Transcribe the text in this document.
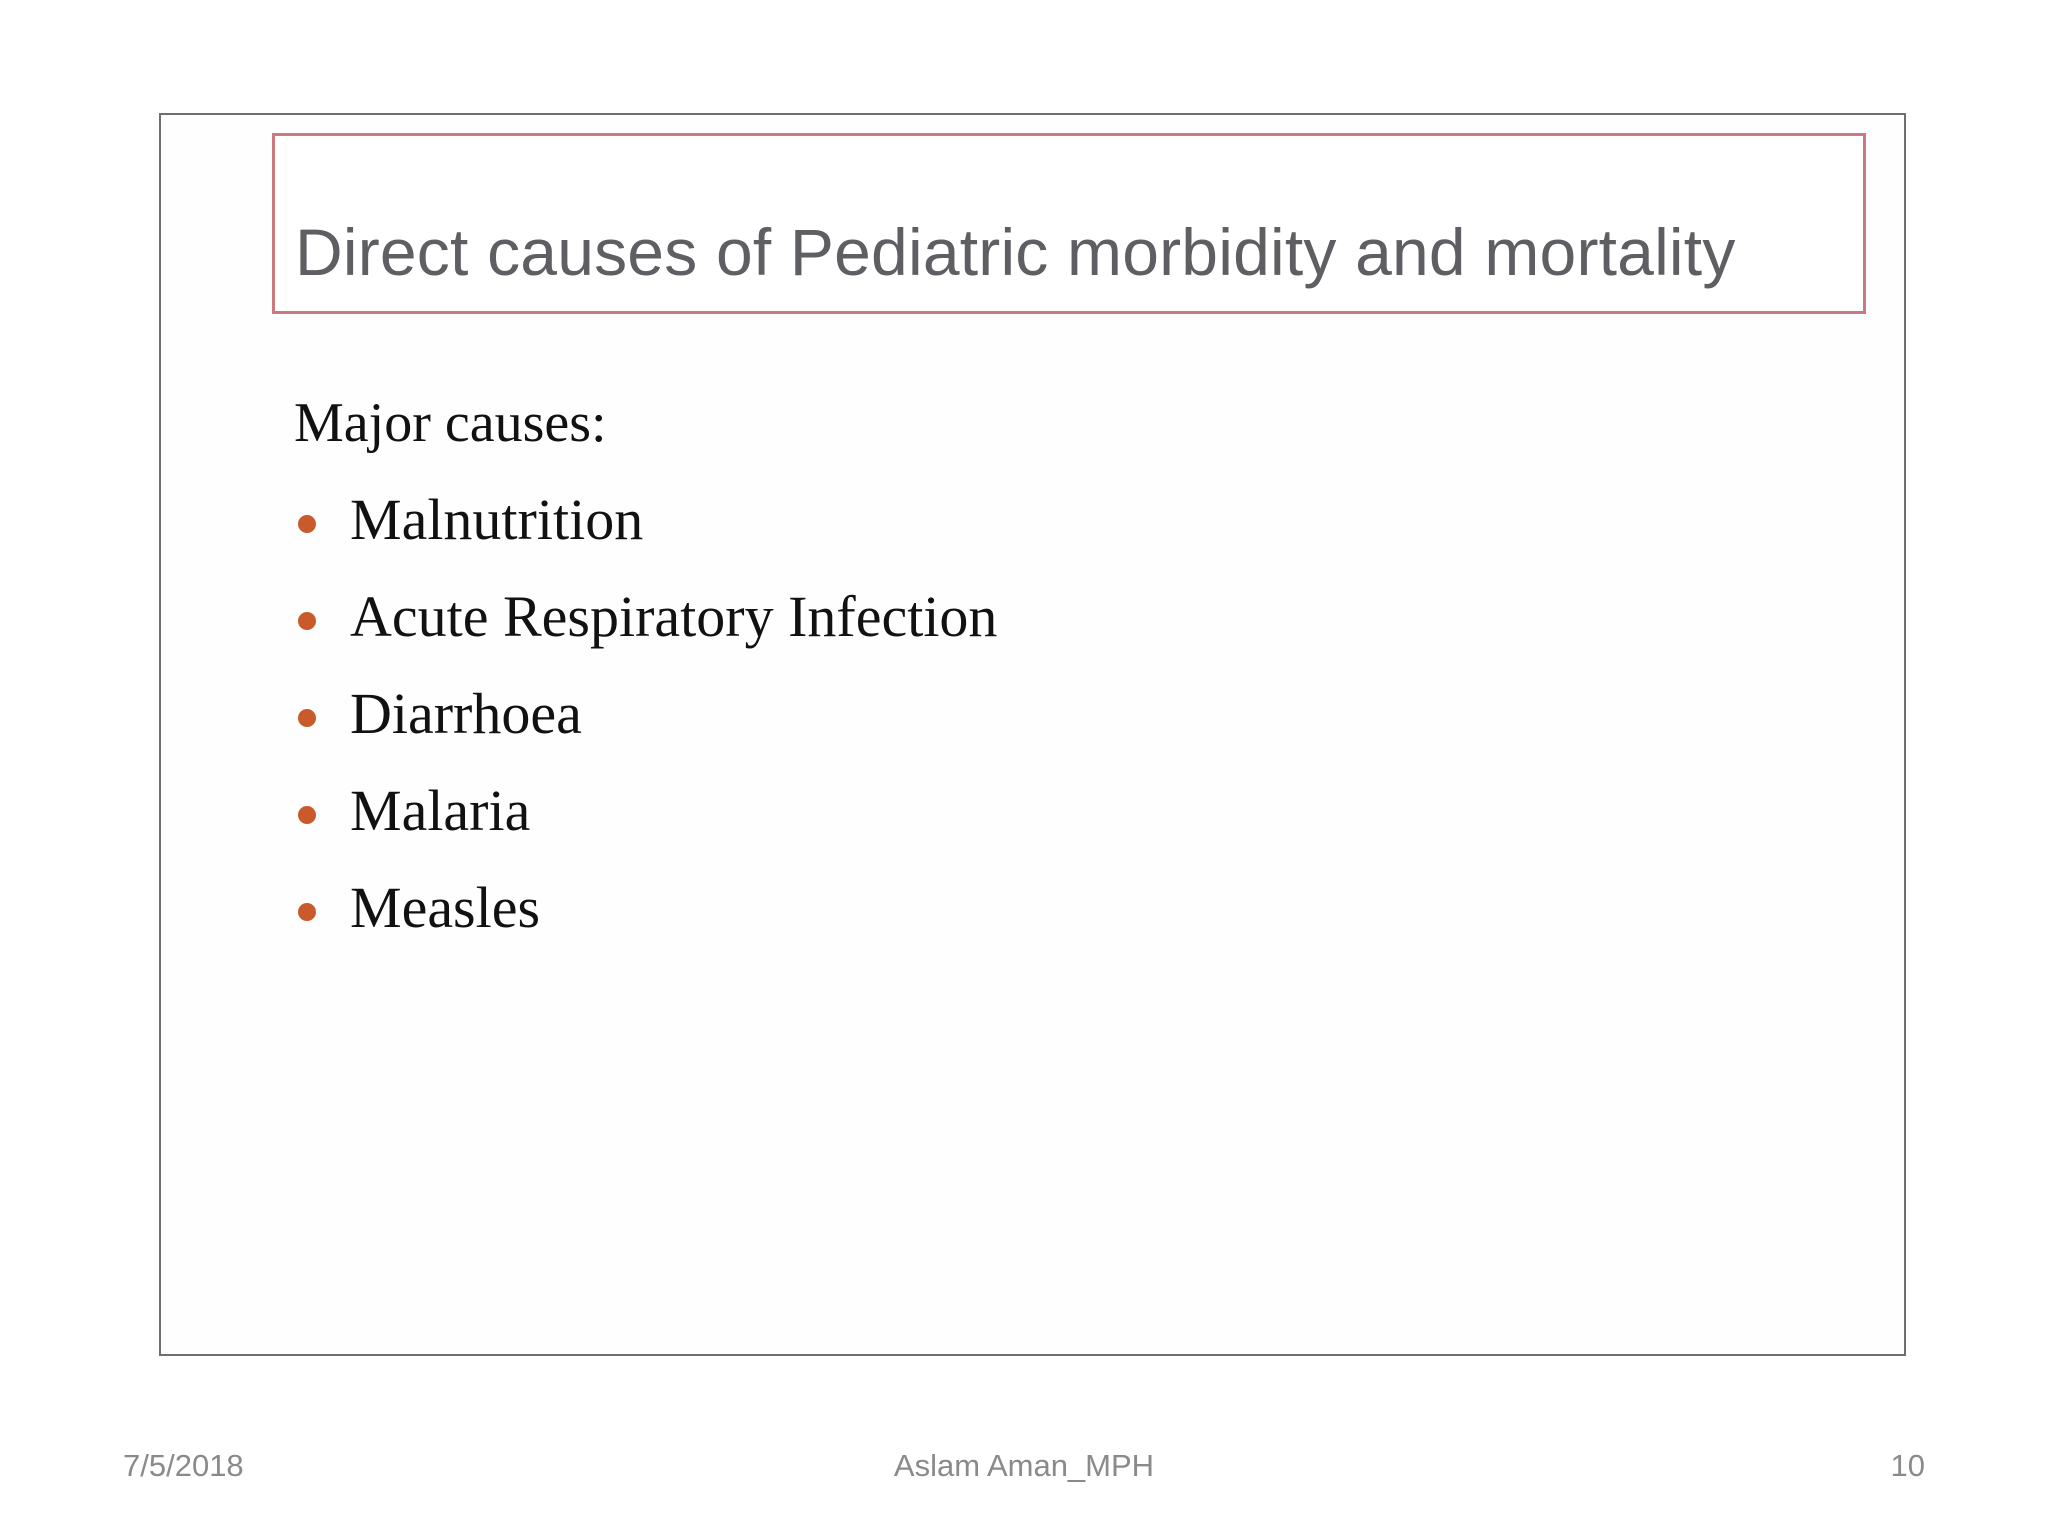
Direct causes of Pediatric morbidity and mortality

Major causes:

Malnutrition
Acute Respiratory Infection
Diarrhoea
Malaria
Measles
7/5/2018	Aslam Aman_MPH	10
